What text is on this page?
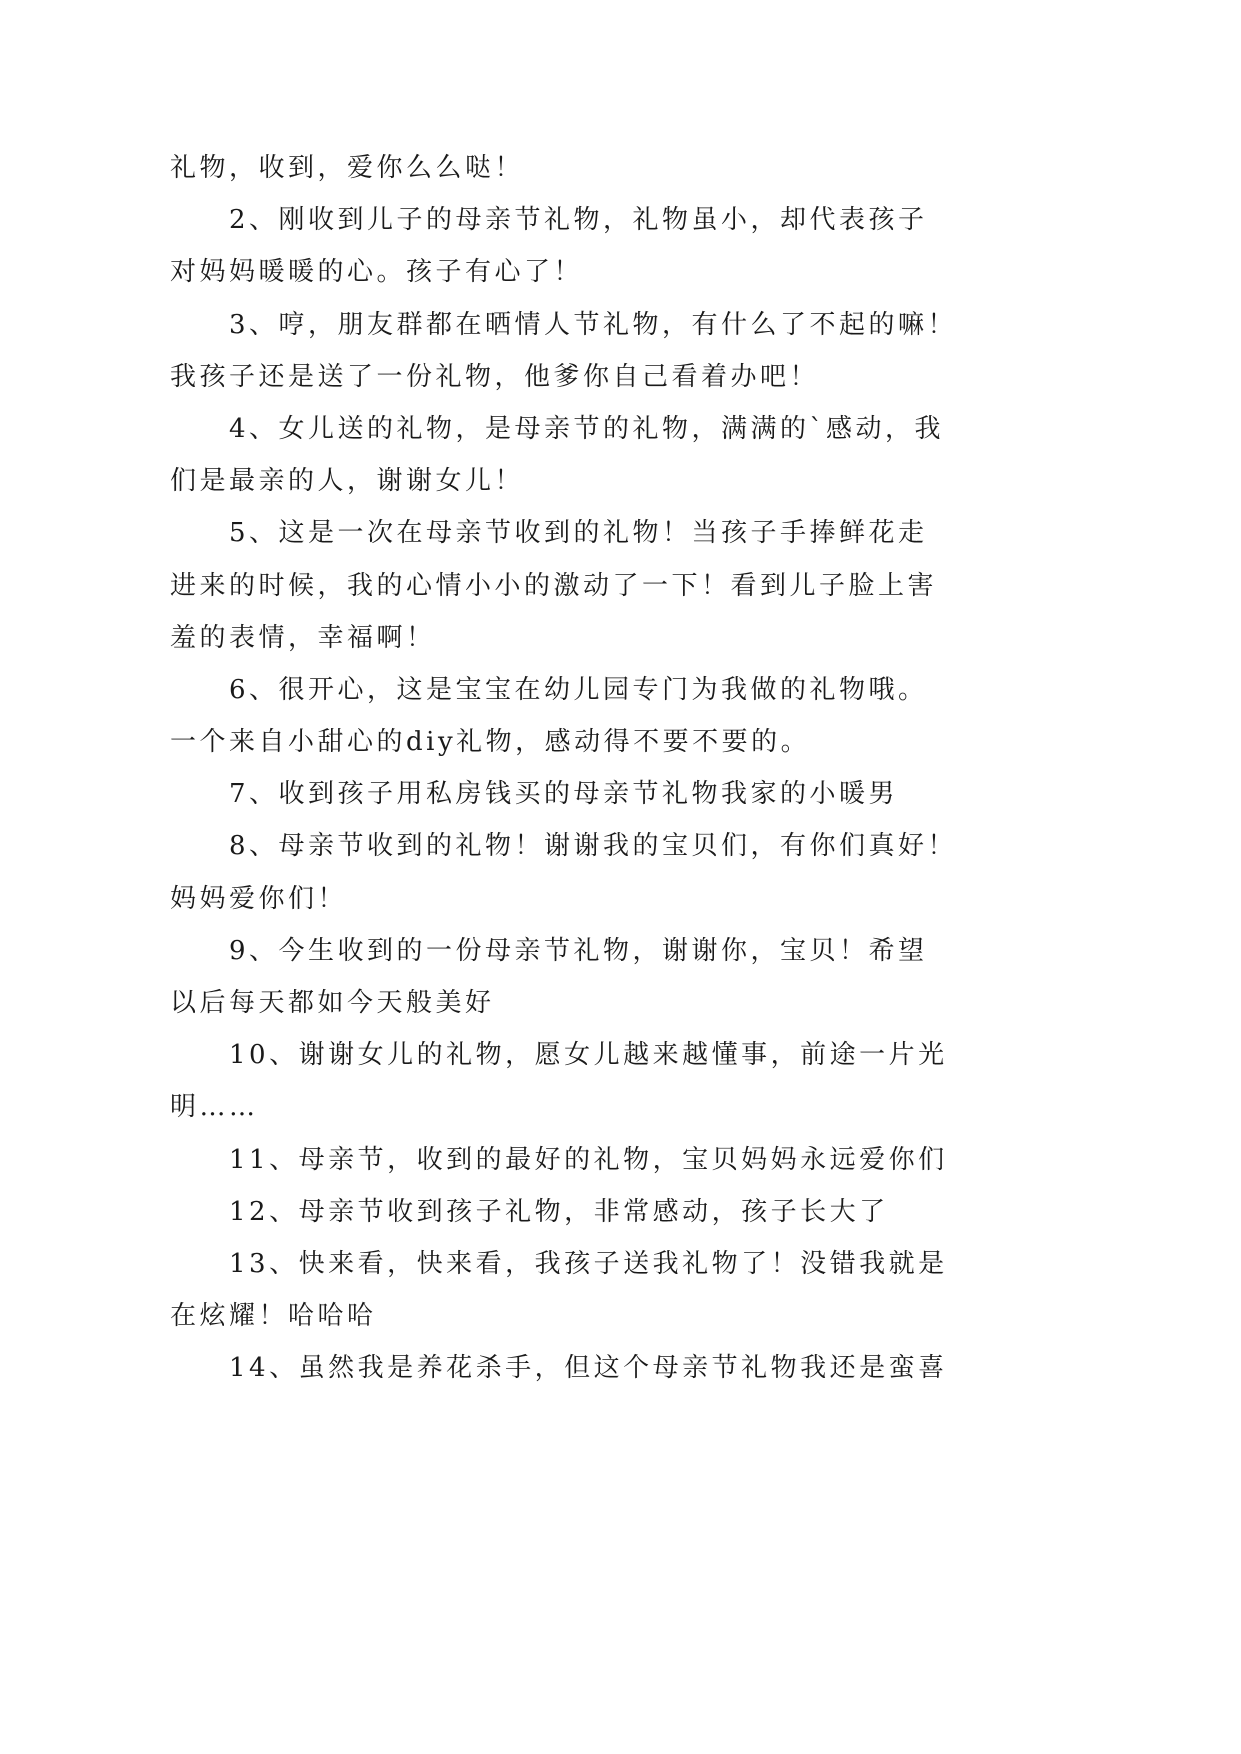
礼物，收到，爱你么么哒！
2、刚收到儿子的母亲节礼物，礼物虽小，却代表孩子
对妈妈暖暖的心。孩子有心了！
3、哼，朋友群都在晒情人节礼物，有什么了不起的嘛！
我孩子还是送了一份礼物，他爹你自己看着办吧！
4、女儿送的礼物，是母亲节的礼物，满满的`感动，我
们是最亲的人，谢谢女儿！
5、这是一次在母亲节收到的礼物！当孩子手捧鲜花走
进来的时候，我的心情小小的激动了一下！看到儿子脸上害
羞的表情，幸福啊！
6、很开心，这是宝宝在幼儿园专门为我做的礼物哦。
一个来自小甜心的diy礼物，感动得不要不要的。
7、收到孩子用私房钱买的母亲节礼物我家的小暖男
8、母亲节收到的礼物！谢谢我的宝贝们，有你们真好！
妈妈爱你们！
9、今生收到的一份母亲节礼物，谢谢你，宝贝！希望
以后每天都如今天般美好
10、谢谢女儿的礼物，愿女儿越来越懂事，前途一片光
明……
11、母亲节，收到的最好的礼物，宝贝妈妈永远爱你们
12、母亲节收到孩子礼物，非常感动，孩子长大了
13、快来看，快来看，我孩子送我礼物了！没错我就是
在炫耀！哈哈哈
14、虽然我是养花杀手，但这个母亲节礼物我还是蛮喜
